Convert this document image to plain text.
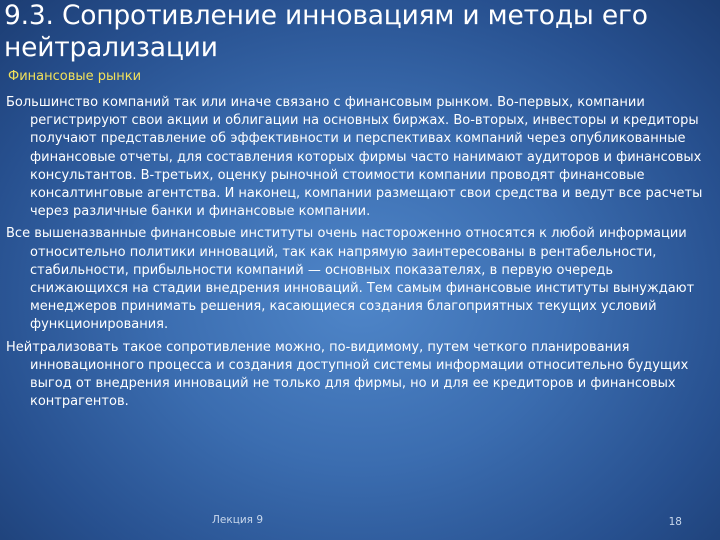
9.3. Сопротивление инновациям и методы его нейтрализации
Финансовые рынки

Большинство компаний так или иначе связано с финансовым рынком. Во-первых, компании регистрируют свои акции и облигации на основных биржах. Во-вторых, инвесторы и кредиторы получают представление об эффективности и перспективах компаний через опубликованные финансовые отчеты, для составления которых фирмы часто нанимают аудиторов и финансовых консультантов. В-третьих, оценку рыночной стоимости компании проводят финансовые консалтинговые агентства. И наконец, компании размещают свои средства и ведут все расчеты через различные банки и финансовые компании.

Все вышеназванные финансовые институты очень настороженно относятся к любой информации относительно политики инноваций, так как напрямую заинтересованы в рентабельности, стабильности, прибыльности компаний — основных показателях, в первую очередь снижающихся на стадии внедрения инноваций. Тем самым финансовые институты вынуждают менеджеров принимать решения, касающиеся создания благоприятных текущих условий функционирования.

Нейтрализовать такое сопротивление можно, по-видимому, путем четкого планирования инновационного процесса и создания доступной системы информации относительно будущих выгод от внедрения инноваций не только для фирмы, но и для ее кредиторов и финансовых контрагентов.

Лекция 9	18
